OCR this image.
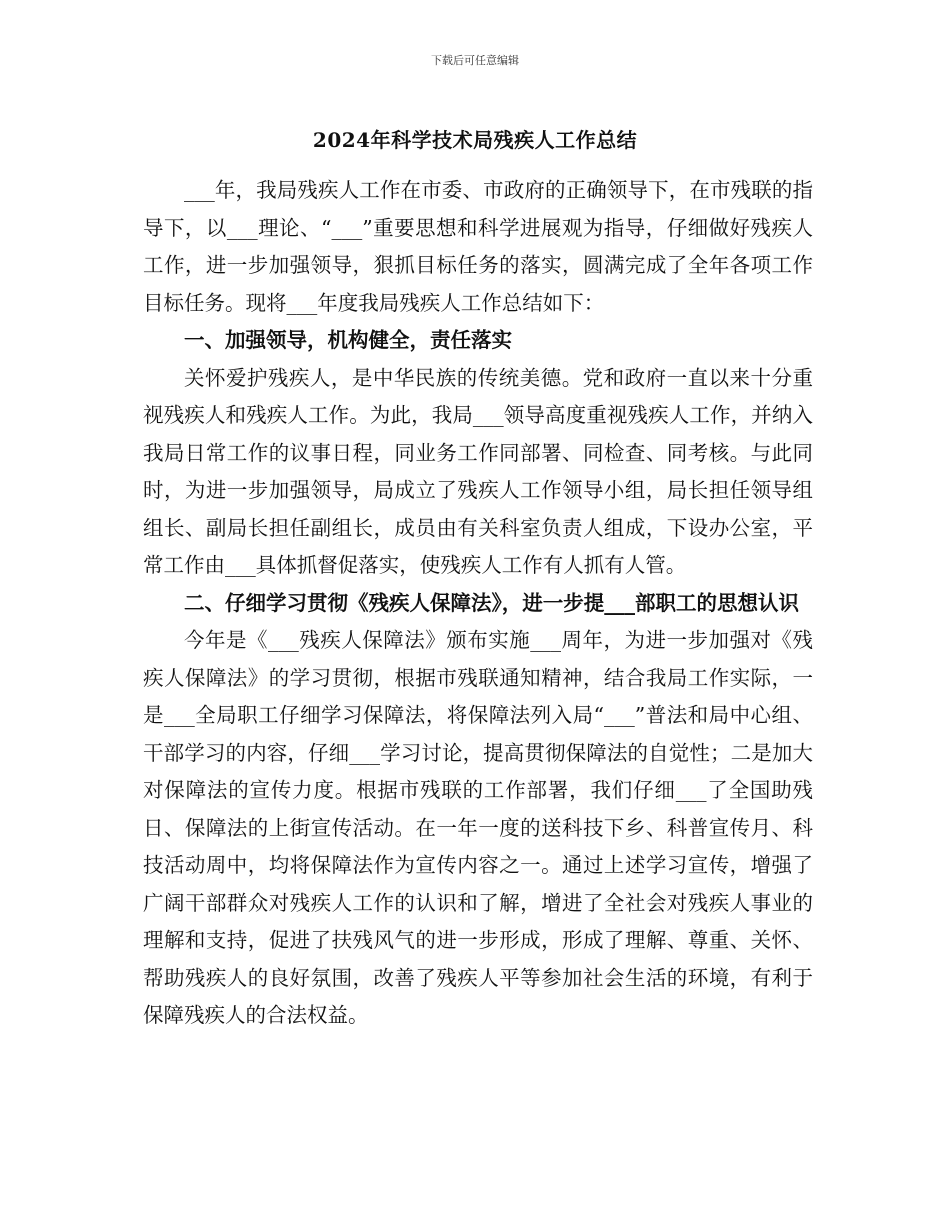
下载后可任意编辑
2024年科学技术局残疾人工作总结

___年，我局残疾人工作在市委、市政府的正确领导下，在市残联的指导下，以___理论、“___”重要思想和科学进展观为指导，仔细做好残疾人工作，进一步加强领导，狠抓目标任务的落实，圆满完成了全年各项工作目标任务。现将___年度我局残疾人工作总结如下：

一、加强领导，机构健全，责任落实

关怀爱护残疾人，是中华民族的传统美德。党和政府一直以来十分重视残疾人和残疾人工作。为此，我局___领导高度重视残疾人工作，并纳入我局日常工作的议事日程，同业务工作同部署、同检查、同考核。与此同时，为进一步加强领导，局成立了残疾人工作领导小组，局长担任领导组组长、副局长担任副组长，成员由有关科室负责人组成，下设办公室，平常工作由___具体抓督促落实，使残疾人工作有人抓有人管。

二、仔细学习贯彻《残疾人保障法》，进一步提___部职工的思想认识

今年是《___残疾人保障法》颁布实施___周年，为进一步加强对《残疾人保障法》的学习贯彻，根据市残联通知精神，结合我局工作实际，一是___全局职工仔细学习保障法，将保障法列入局“___”普法和局中心组、干部学习的内容，仔细___学习讨论，提高贯彻保障法的自觉性；二是加大对保障法的宣传力度。根据市残联的工作部署，我们仔细___了全国助残日、保障法的上街宣传活动。在一年一度的送科技下乡、科普宣传月、科技活动周中，均将保障法作为宣传内容之一。通过上述学习宣传，增强了广阔干部群众对残疾人工作的认识和了解，增进了全社会对残疾人事业的理解和支持，促进了扶残风气的进一步形成，形成了理解、尊重、关怀、帮助残疾人的良好氛围，改善了残疾人平等参加社会生活的环境，有利于保障残疾人的合法权益。
